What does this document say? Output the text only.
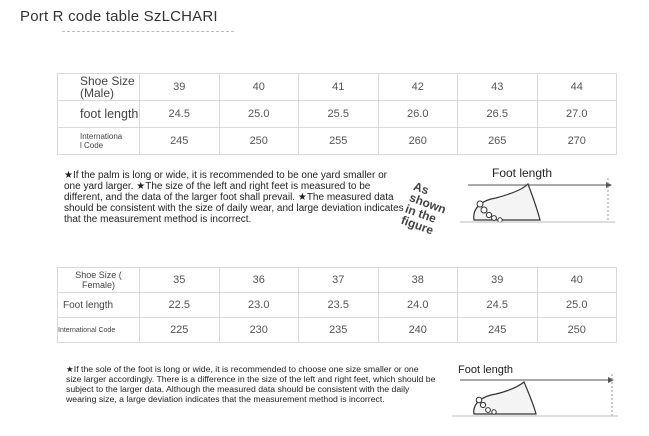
Port R code table SzLCHARI
Shoe Size
(Male)	39	40	41	42	43	44
foot length	24.5	25.0	25.5	26.0	26.5	27.0
Internationa
l Code	245	250	255	260	265	270
★If the palm is long or wide, it is recommended to be one yard smaller or one yard larger. ★The size of the left and right feet is measured to be different, and the data of the larger foot shall prevail. ★The measured data should be consistent with the size of daily wear, and large deviation indicates that the measurement method is incorrect.
As
shown
in the
figure
Foot length
Shoe Size (
Female)	35	36	37	38	39	40
Foot length	22.5	23.0	23.5	24.0	24.5	25.0
International Code	225	230	235	240	245	250
★If the sole of the foot is long or wide, it is recommended to choose one size smaller or one size larger accordingly. There is a difference in the size of the left and right feet, which should be subject to the larger data. Although the measured data should be consistent with the daily wearing size, a large deviation indicates that the measurement method is incorrect.
Foot length
